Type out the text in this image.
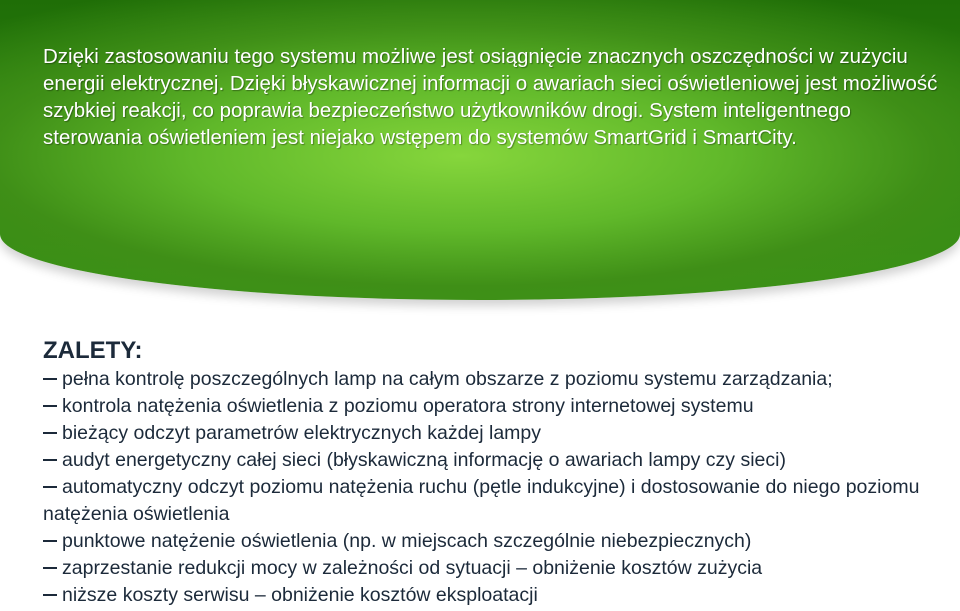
Dzięki zastosowaniu tego systemu możliwe jest osiągnięcie znacznych oszczędności w zużyciu energii elektrycznej. Dzięki błyskawicznej informacji o awariach sieci oświetleniowej jest możliwość szybkiej reakcji, co poprawia bezpieczeństwo użytkowników drogi. System inteligentnego sterowania oświetleniem jest niejako wstępem do systemów SmartGrid i SmartCity.

ZALETY:
pełna kontrolę poszczególnych lamp na całym obszarze z poziomu systemu zarządzania;
kontrola natężenia oświetlenia z poziomu operatora strony internetowej systemu
bieżący odczyt parametrów elektrycznych każdej lampy
audyt energetyczny całej sieci (błyskawiczną informację o awariach lampy czy sieci)
automatyczny odczyt poziomu natężenia ruchu (pętle indukcyjne) i dostosowanie do niego poziomu natężenia oświetlenia
punktowe natężenie oświetlenia (np. w miejscach szczególnie niebezpiecznych)
zaprzestanie redukcji mocy w zależności od sytuacji – obniżenie kosztów zużycia
niższe koszty serwisu – obniżenie kosztów eksploatacji
